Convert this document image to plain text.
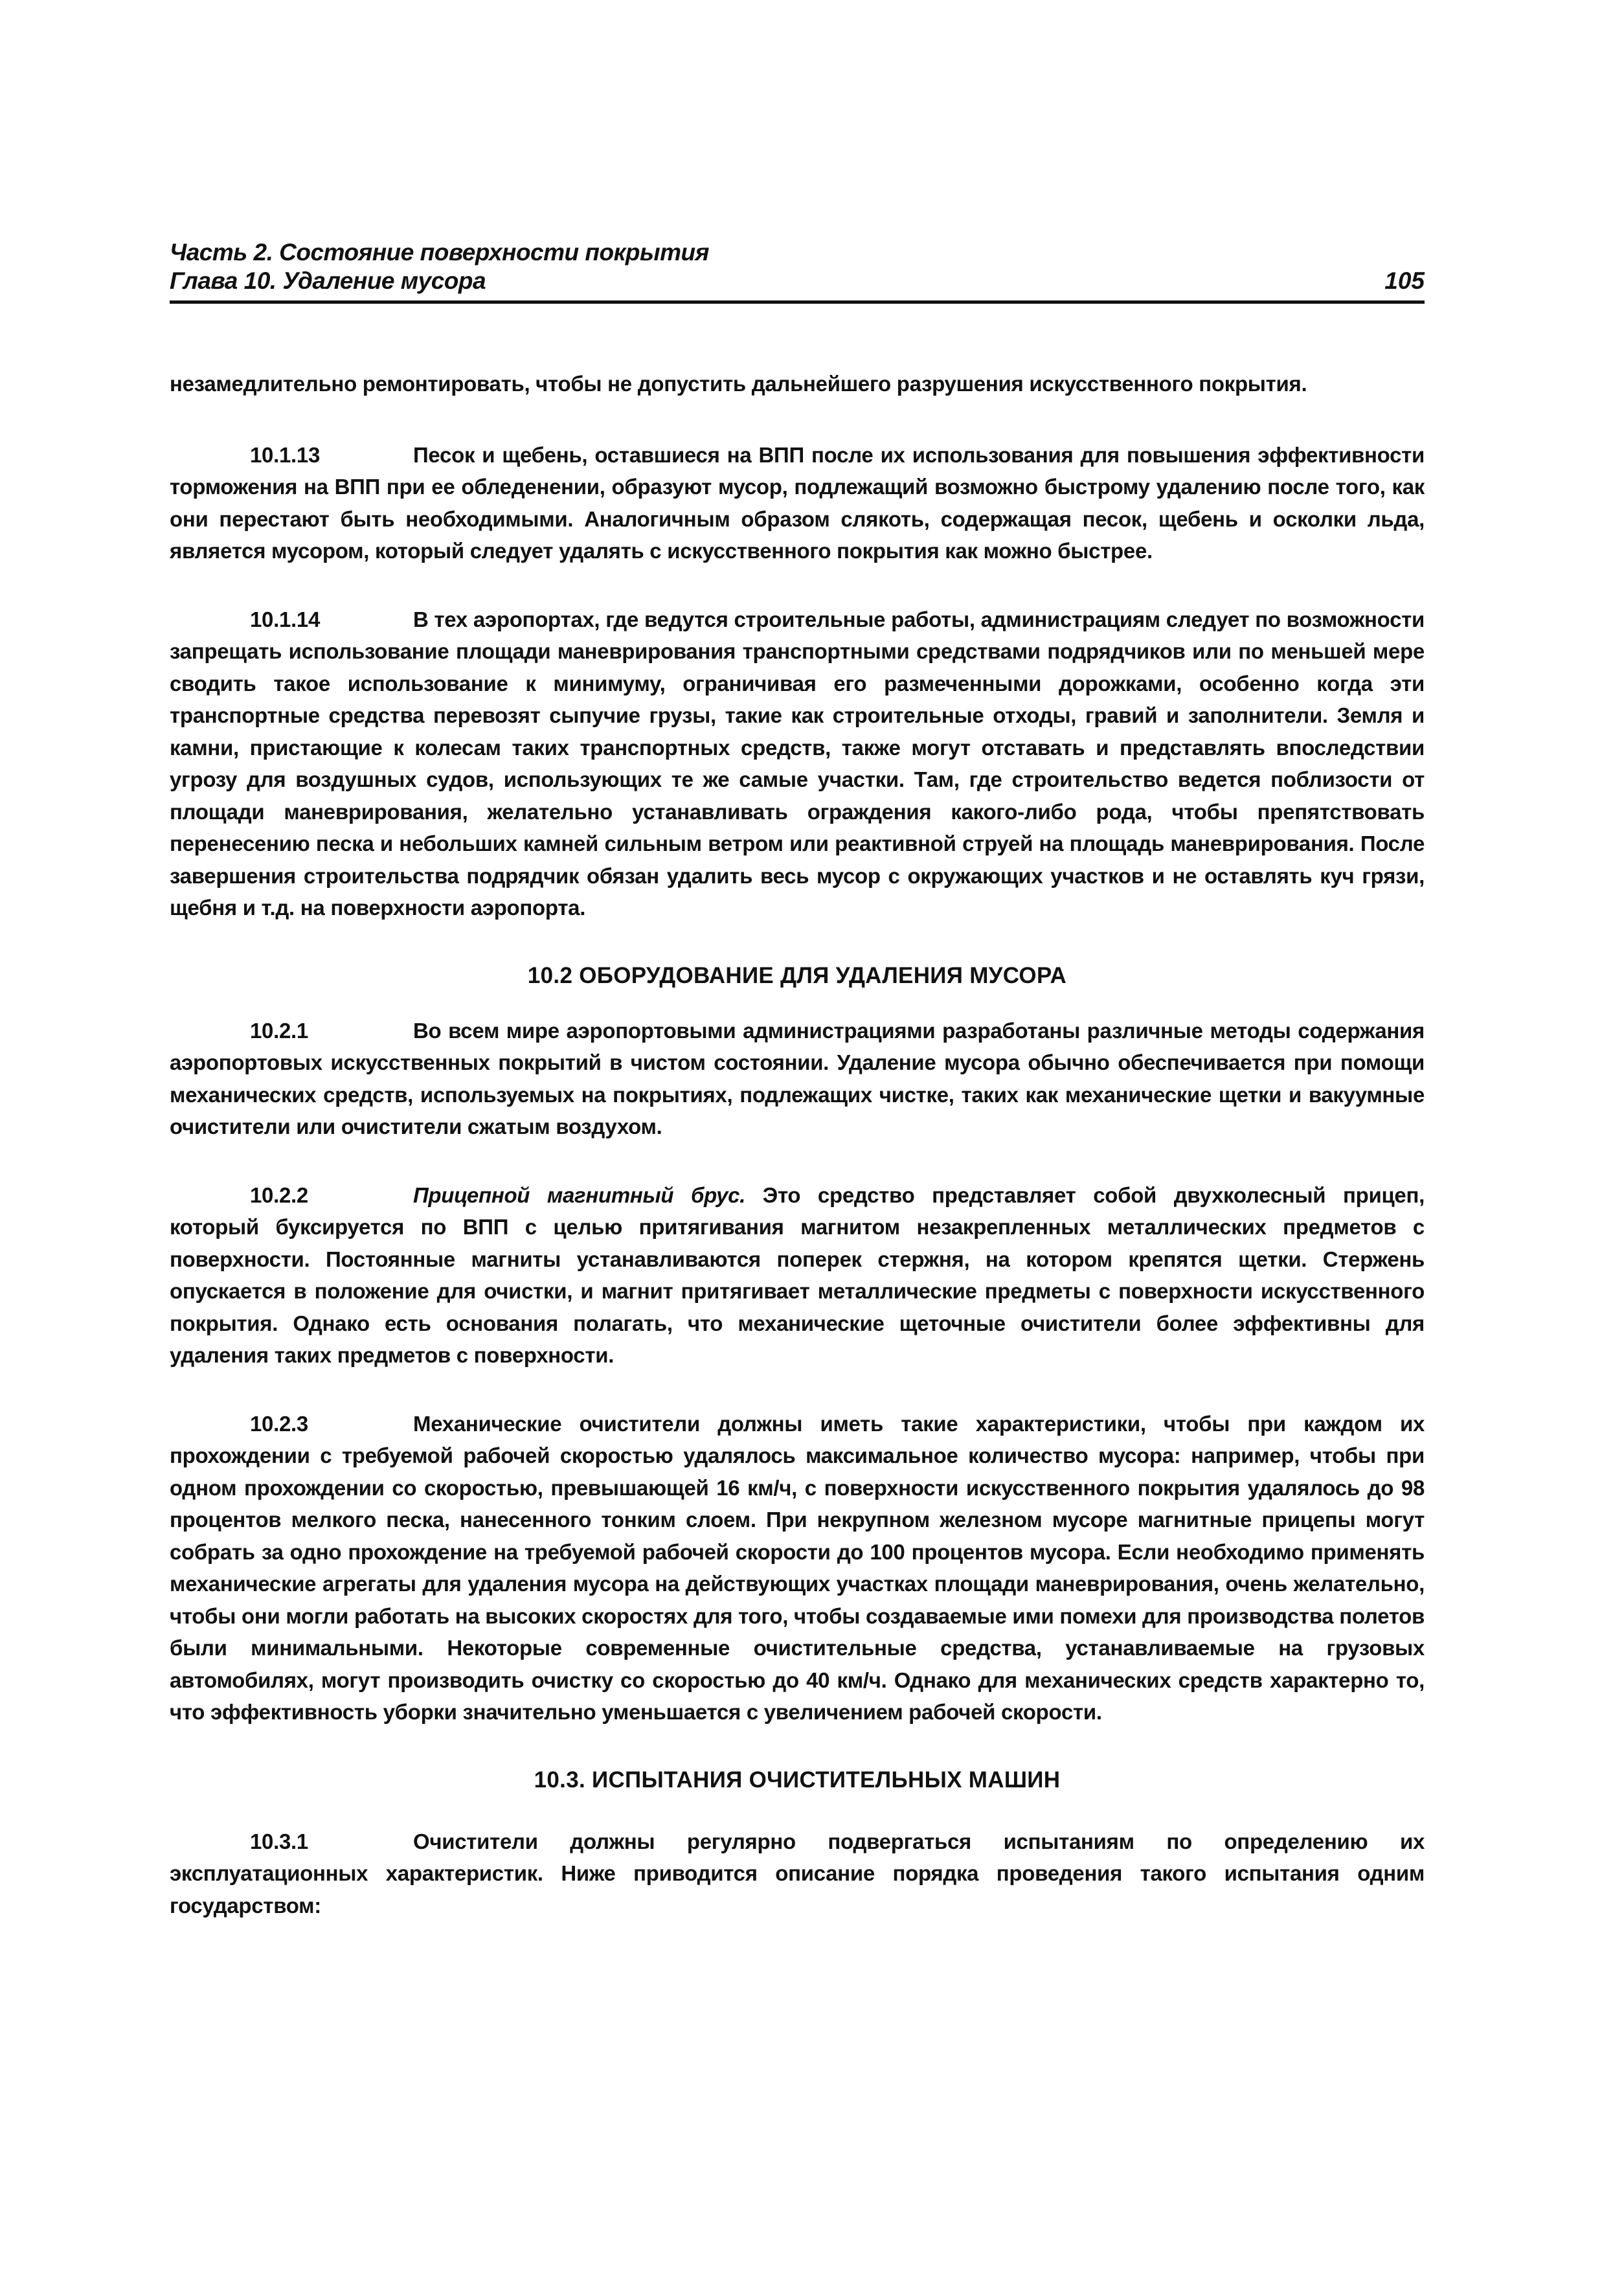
Часть 2. Состояние поверхности покрытия
Глава 10. Удаление мусора	105

незамедлительно ремонтировать, чтобы не допустить дальнейшего разрушения искусственного покрытия.

10.1.13	Песок и щебень, оставшиеся на ВПП после их использования для повышения эффективности торможения на ВПП при ее обледенении, образуют мусор, подлежащий возможно быстрому удалению после того, как они перестают быть необходимыми. Аналогичным образом слякоть, содержащая песок, щебень и осколки льда, является мусором, который следует удалять с искусственного покрытия как можно быстрее.

10.1.14	В тех аэропортах, где ведутся строительные работы, администрациям следует по возможности запрещать использование площади маневрирования транспортными средствами подрядчиков или по меньшей мере сводить такое использование к минимуму, ограничивая его размеченными дорожками, особенно когда эти транспортные средства перевозят сыпучие грузы, такие как строительные отходы, гравий и заполнители. Земля и камни, пристающие к колесам таких транспортных средств, также могут отставать и представлять впоследствии угрозу для воздушных судов, использующих те же самые участки. Там, где строительство ведется поблизости от площади маневрирования, желательно устанавливать ограждения какого-либо рода, чтобы препятствовать перенесению песка и небольших камней сильным ветром или реактивной струей на площадь маневрирования. После завершения строительства подрядчик обязан удалить весь мусор с окружающих участков и не оставлять куч грязи, щебня и т.д. на поверхности аэропорта.

10.2 ОБОРУДОВАНИЕ ДЛЯ УДАЛЕНИЯ МУСОРА

10.2.1	Во всем мире аэропортовыми администрациями разработаны различные методы содержания аэропортовых искусственных покрытий в чистом состоянии. Удаление мусора обычно обеспечивается при помощи механических средств, используемых на покрытиях, подлежащих чистке, таких как механические щетки и вакуумные очистители или очистители сжатым воздухом.

10.2.2	Прицепной магнитный брус. Это средство представляет собой двухколесный прицеп, который буксируется по ВПП с целью притягивания магнитом незакрепленных металлических предметов с поверхности. Постоянные магниты устанавливаются поперек стержня, на котором крепятся щетки. Стержень опускается в положение для очистки, и магнит притягивает металлические предметы с поверхности искусственного покрытия. Однако есть основания полагать, что механические щеточные очистители более эффективны для удаления таких предметов с поверхности.

10.2.3	Механические очистители должны иметь такие характеристики, чтобы при каждом их прохождении с требуемой рабочей скоростью удалялось максимальное количество мусора: например, чтобы при одном прохождении со скоростью, превышающей 16 км/ч, с поверхности искусственного покрытия удалялось до 98 процентов мелкого песка, нанесенного тонким слоем. При некрупном железном мусоре магнитные прицепы могут собрать за одно прохождение на требуемой рабочей скорости до 100 процентов мусора. Если необходимо применять механические агрегаты для удаления мусора на действующих участках площади маневрирования, очень желательно, чтобы они могли работать на высоких скоростях для того, чтобы создаваемые ими помехи для производства полетов были минимальными. Некоторые современные очистительные средства, устанавливаемые на грузовых автомобилях, могут производить очистку со скоростью до 40 км/ч. Однако для механических средств характерно то, что эффективность уборки значительно уменьшается с увеличением рабочей скорости.

10.3. ИСПЫТАНИЯ ОЧИСТИТЕЛЬНЫХ МАШИН

10.3.1	Очистители должны регулярно подвергаться испытаниям по определению их эксплуатационных характеристик. Ниже приводится описание порядка проведения такого испытания одним государством:
